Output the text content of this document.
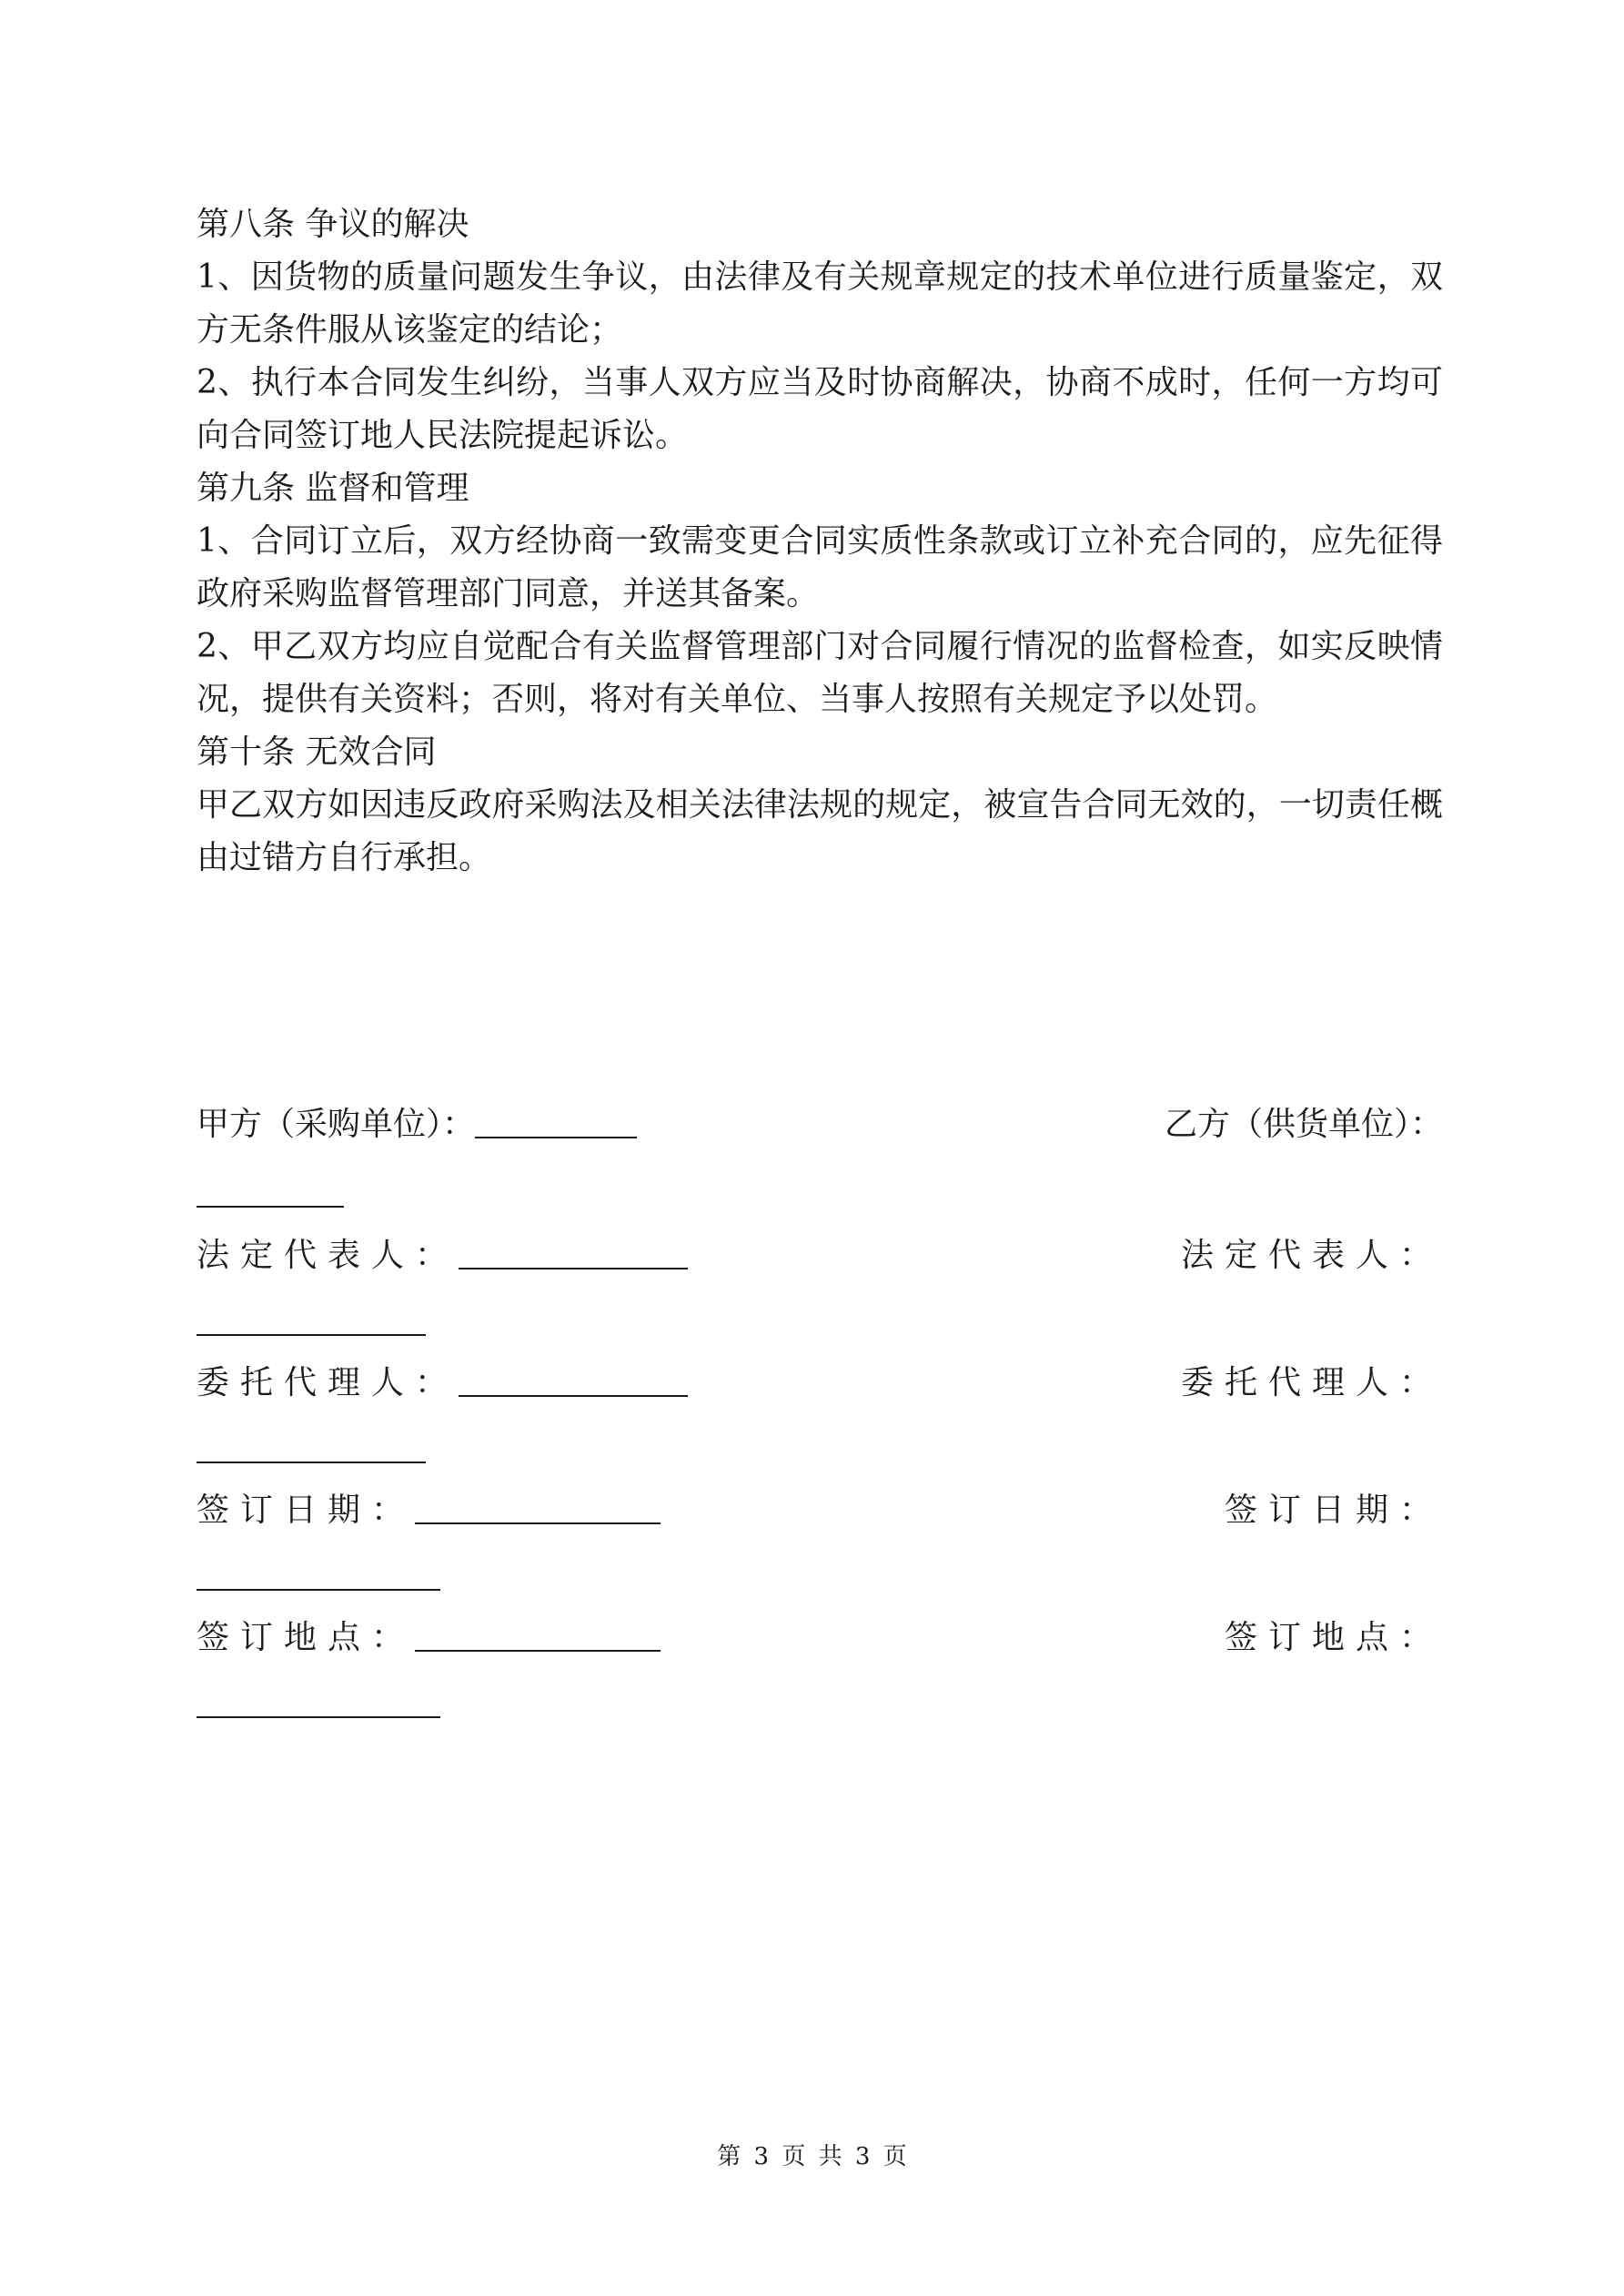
第八条 争议的解决

1、因货物的质量问题发生争议，由法律及有关规章规定的技术单位进行质量鉴定，双方无条件服从该鉴定的结论；

2、执行本合同发生纠纷，当事人双方应当及时协商解决，协商不成时，任何一方均可向合同签订地人民法院提起诉讼。

第九条 监督和管理

1、合同订立后，双方经协商一致需变更合同实质性条款或订立补充合同的，应先征得政府采购监督管理部门同意，并送其备案。

2、甲乙双方均应自觉配合有关监督管理部门对合同履行情况的监督检查，如实反映情况，提供有关资料；否则，将对有关单位、当事人按照有关规定予以处罚。

第十条 无效合同

甲乙双方如因违反政府采购法及相关法律法规的规定，被宣告合同无效的，一切责任概由过错方自行承担。

甲方（采购单位）：	乙方（供货单位）：
法定代表人：	法定代表人：
委托代理人：	委托代理人：
签订日期：	签订日期：
签订地点：	签订地点：
第 3 页 共 3 页
